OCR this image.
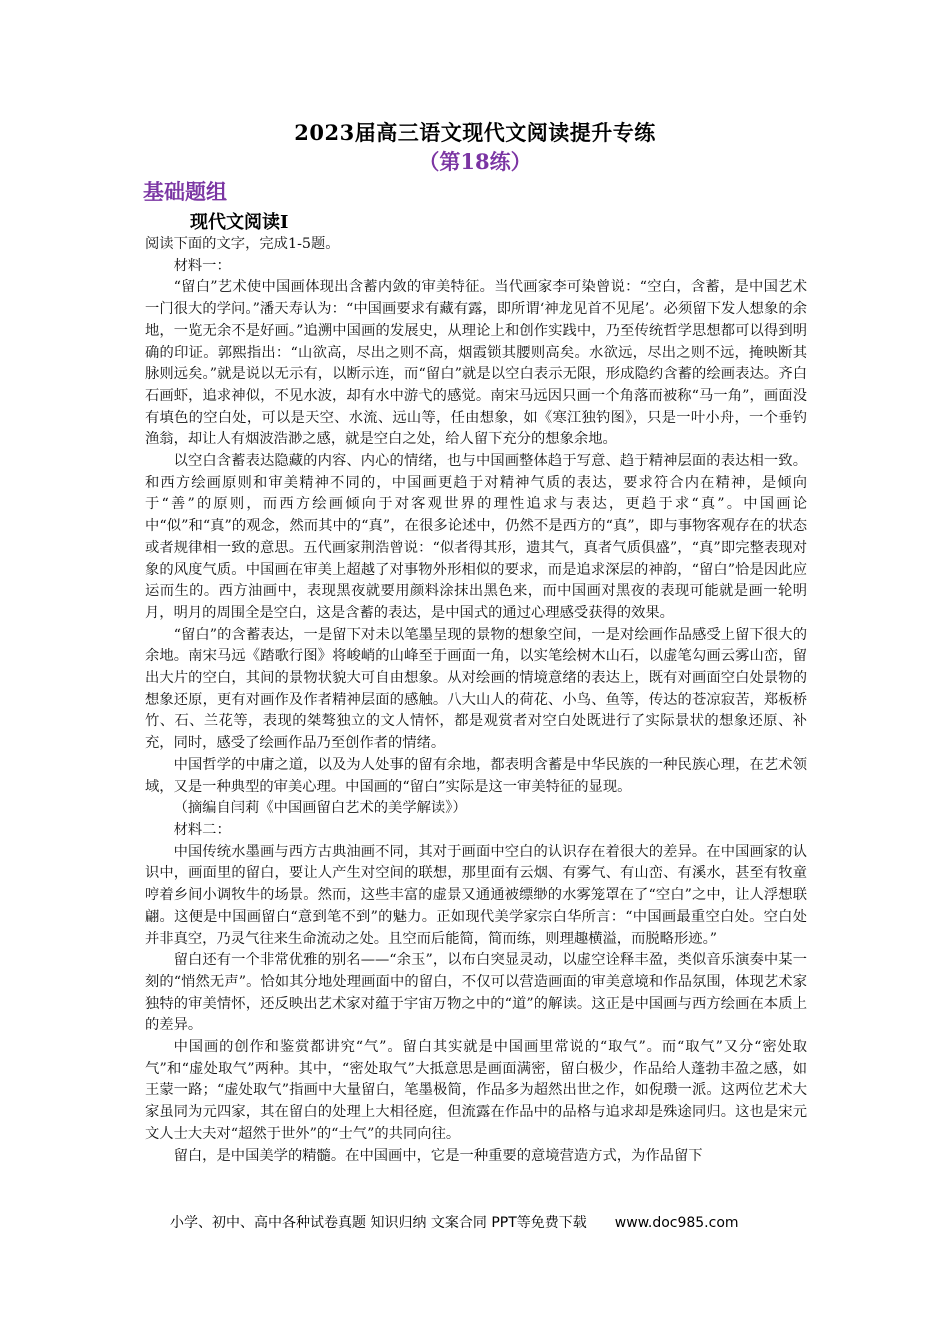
2023届高三语文现代文阅读提升专练
（第18练）
基础题组
现代文阅读Ⅰ

阅读下面的文字，完成1-5题。

材料一：

“留白”艺术使中国画体现出含蓄内敛的审美特征。当代画家李可染曾说：“空白，含蓄，是中国艺术一门很大的学问。”潘天寿认为：“中国画要求有藏有露，即所谓‘神龙见首不见尾’。必须留下发人想象的余地，一览无余不是好画。”追溯中国画的发展史，从理论上和创作实践中，乃至传统哲学思想都可以得到明确的印证。郭熙指出：“山欲高，尽出之则不高，烟霞锁其腰则高矣。水欲远，尽出之则不远，掩映断其脉则远矣。”就是说以无示有，以断示连，而“留白”就是以空白表示无限，形成隐约含蓄的绘画表达。齐白石画虾，追求神似，不见水波，却有水中游弋的感觉。南宋马远因只画一个角落而被称“马一角”，画面没有填色的空白处，可以是天空、水流、远山等，任由想象，如《寒江独钓图》，只是一叶小舟，一个垂钓渔翁，却让人有烟波浩渺之感，就是空白之处，给人留下充分的想象余地。

以空白含蓄表达隐藏的内容、内心的情绪，也与中国画整体趋于写意、趋于精神层面的表达相一致。和西方绘画原则和审美精神不同的，中国画更趋于对精神气质的表达，要求符合内在精神，是倾向于“善”的原则，而西方绘画倾向于对客观世界的理性追求与表达，更趋于求“真”。中国画论中“似”和“真”的观念，然而其中的“真”，在很多论述中，仍然不是西方的“真”，即与事物客观存在的状态或者规律相一致的意思。五代画家荆浩曾说：“似者得其形，遗其气，真者气质俱盛”，“真”即完整表现对象的风度气质。中国画在审美上超越了对事物外形相似的要求，而是追求深层的神韵，“留白”恰是因此应运而生的。西方油画中，表现黑夜就要用颜料涂抹出黑色来，而中国画对黑夜的表现可能就是画一轮明月，明月的周围全是空白，这是含蓄的表达，是中国式的通过心理感受获得的效果。

“留白”的含蓄表达，一是留下对未以笔墨呈现的景物的想象空间，一是对绘画作品感受上留下很大的余地。南宋马远《踏歌行图》将峻峭的山峰至于画面一角，以实笔绘树木山石，以虚笔勾画云雾山峦，留出大片的空白，其间的景物状貌大可自由想象。从对绘画的情境意绪的表达上，既有对画面空白处景物的想象还原，更有对画作及作者精神层面的感触。八大山人的荷花、小鸟、鱼等，传达的苍凉寂苦，郑板桥竹、石、兰花等，表现的桀骜独立的文人情怀，都是观赏者对空白处既进行了实际景状的想象还原、补充，同时，感受了绘画作品乃至创作者的情绪。

中国哲学的中庸之道，以及为人处事的留有余地，都表明含蓄是中华民族的一种民族心理，在艺术领域，又是一种典型的审美心理。中国画的“留白”实际是这一审美特征的显现。

（摘编自闫莉《中国画留白艺术的美学解读》）

材料二：

中国传统水墨画与西方古典油画不同，其对于画面中空白的认识存在着很大的差异。在中国画家的认识中，画面里的留白，要让人产生对空间的联想，那里面有云烟、有雾气、有山峦、有溪水，甚至有牧童哼着乡间小调牧牛的场景。然而，这些丰富的虚景又通通被缥缈的水雾笼罩在了“空白”之中，让人浮想联翩。这便是中国画留白“意到笔不到”的魅力。正如现代美学家宗白华所言：“中国画最重空白处。空白处并非真空，乃灵气往来生命流动之处。且空而后能简，简而练，则理趣横溢，而脱略形迹。”

留白还有一个非常优雅的别名——“余玉”，以布白突显灵动，以虚空诠释丰盈，类似音乐演奏中某一刻的“悄然无声”。恰如其分地处理画面中的留白，不仅可以营造画面的审美意境和作品氛围，体现艺术家独特的审美情怀，还反映出艺术家对蕴于宇宙万物之中的“道”的解读。这正是中国画与西方绘画在本质上的差异。

中国画的创作和鉴赏都讲究“气”。留白其实就是中国画里常说的“取气”。而“取气”又分“密处取气”和“虚处取气”两种。其中，“密处取气”大抵意思是画面满密，留白极少，作品给人蓬勃丰盈之感，如王蒙一路；“虚处取气”指画中大量留白，笔墨极简，作品多为超然出世之作，如倪瓒一派。这两位艺术大家虽同为元四家，其在留白的处理上大相径庭，但流露在作品中的品格与追求却是殊途同归。这也是宋元文人士大夫对“超然于世外”的“士气”的共同向往。

留白，是中国美学的精髓。在中国画中，它是一种重要的意境营造方式，为作品留下

小学、初中、高中各种试卷真题 知识归纳 文案合同 PPT等免费下载 www.doc985.com
